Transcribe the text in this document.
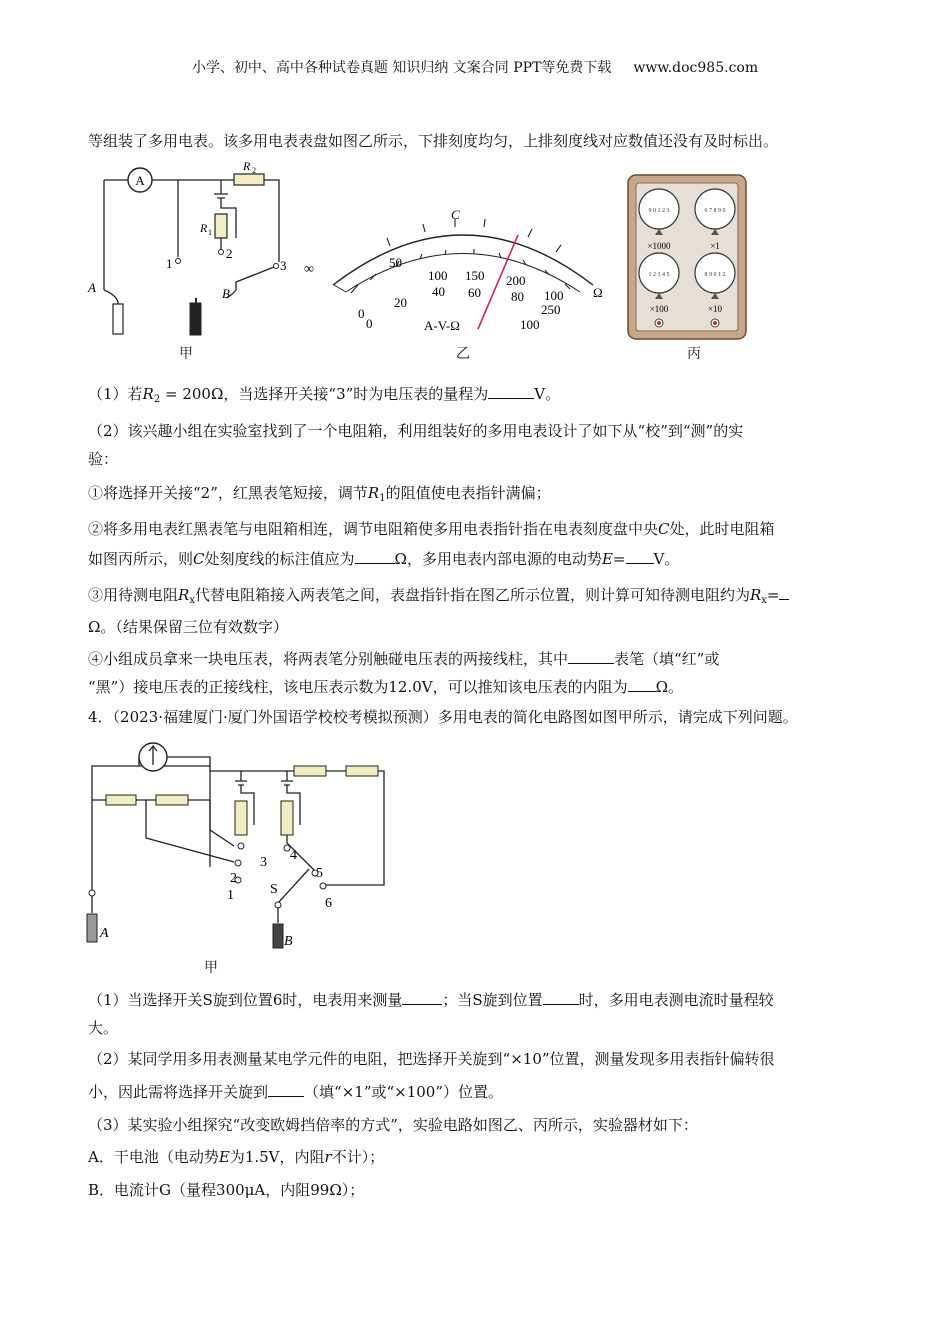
小学、初中、高中各种试卷真题 知识归纳 文案合同 PPT等免费下载 www.doc985.com
等组装了多用电表。该多用电表表盘如图乙所示，下排刻度均匀，上排刻度线对应数值还没有及时标出。
A
R 2
R 1
1
2
3
A	B
甲
∞
Ω
C
50
100 150 200
250
0
20
40 60 80
0	100
100
A-V-Ω
乙
9 0 1 2 3	6 7 8 9 0
1 2 3 4 5	8 9 0 1 2
×1000	×1
×100	×10
丙
（1）若$R_2 = 200\Omega$，当选择开关接“3”时为电压表的量程为	V。
（2）该兴趣小组在实验室找到了一个电阻箱，利用组装好的多用电表设计了如下从“校”到“测”的实
验：
①将选择开关接“2”，红黑表笔短接，调节$R_1$的阻值使电表指针满偏；
②将多用电表红黑表笔与电阻箱相连，调节电阻箱使多用电表指针指在电表刻度盘中央C处，此时电阻箱
如图丙所示，则C处刻度线的标注值应为	Ω，多用电表内部电源的电动势E= V。
③用待测电阻$R_x$代替电阻箱接入两表笔之间，表盘指针指在图乙所示位置，则计算可知待测电阻约为$R_x=$
Ω。（结果保留三位有效数字）
④小组成员拿来一块电压表，将两表笔分别触碰电压表的两接线柱，其中	表笔（填“红”或
“黑”）接电压表的正接线柱，该电压表示数为12.0V，可以推知该电压表的内阻为 Ω。
4．（2023·福建厦门·厦门外国语学校校考模拟预测）多用电表的简化电路图如图甲所示，请完成下列问题。
1
2
3 4
5
6
S
A
B
甲
（1）当选择开关S旋到位置6时，电表用来测量	；当S旋到位置 时，多用电表测电流时量程较
大。
（2）某同学用多用表测量某电学元件的电阻，把选择开关旋到“×10”位置，测量发现多用表指针偏转很
小，因此需将选择开关旋到 （填“×1”或“×100”）位置。
（3）某实验小组探究“改变欧姆挡倍率的方式”，实验电路如图乙、丙所示，实验器材如下：
A．干电池（电动势E为1.5V，内阻r不计）；
B．电流计G（量程300μA，内阻99Ω）；
